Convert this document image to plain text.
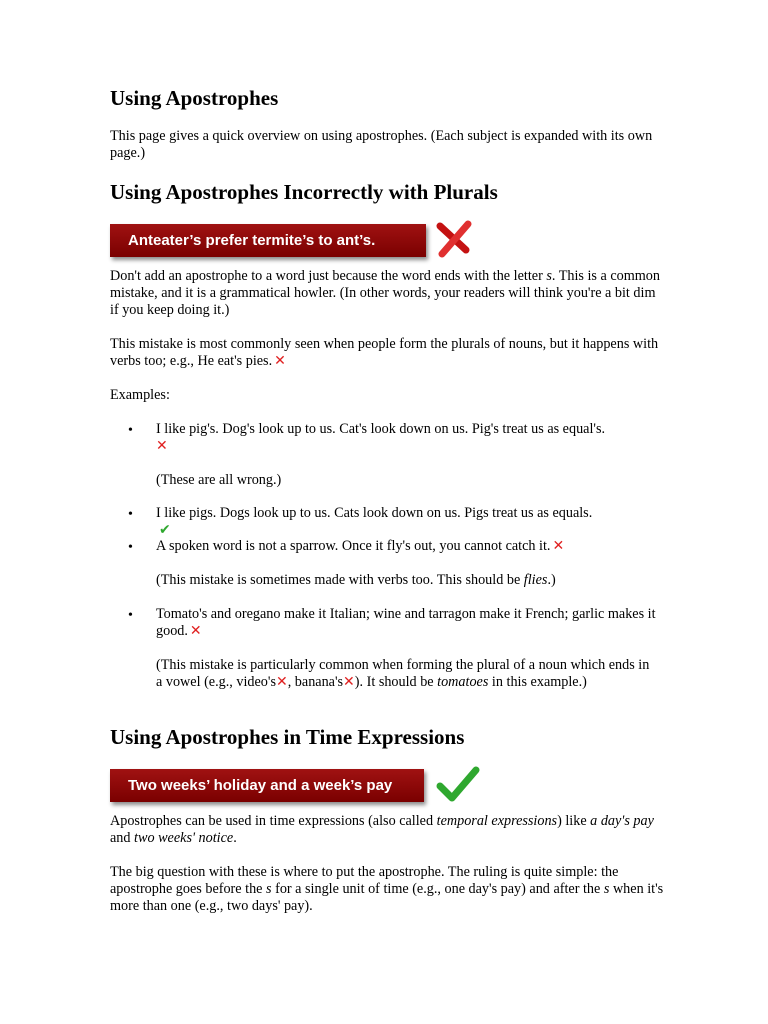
Using Apostrophes

This page gives a quick overview on using apostrophes. (Each subject is expanded with its own page.)

Using Apostrophes Incorrectly with Plurals
Anteater’s prefer termite’s to ant’s.

Don't add an apostrophe to a word just because the word ends with the letter s. This is a common mistake, and it is a grammatical howler. (In other words, your readers will think you're a bit dim if you keep doing it.)

This mistake is most commonly seen when people form the plurals of nouns, but it happens with verbs too; e.g., He eat's pies. ✕

Examples:

• I like pig's. Dog's look up to us. Cat's look down on us. Pig's treat us as equal's.
✕

(These are all wrong.)

• I like pigs. Dogs look up to us. Cats look down on us. Pigs treat us as equals.✔

• A spoken word is not a sparrow. Once it fly's out, you cannot catch it. ✕

(This mistake is sometimes made with verbs too. This should be flies.)

• Tomato's and oregano make it Italian; wine and tarragon make it French; garlic makes it good. ✕

(This mistake is particularly common when forming the plural of a noun which ends in a vowel (e.g., video's✕, banana's✕). It should be tomatoes in this example.)

Using Apostrophes in Time Expressions
Two weeks’ holiday and a week’s pay

Apostrophes can be used in time expressions (also called temporal expressions) like a day's pay and two weeks' notice.

The big question with these is where to put the apostrophe. The ruling is quite simple: the apostrophe goes before the s for a single unit of time (e.g., one day's pay) and after the s when it's more than one (e.g., two days' pay).
